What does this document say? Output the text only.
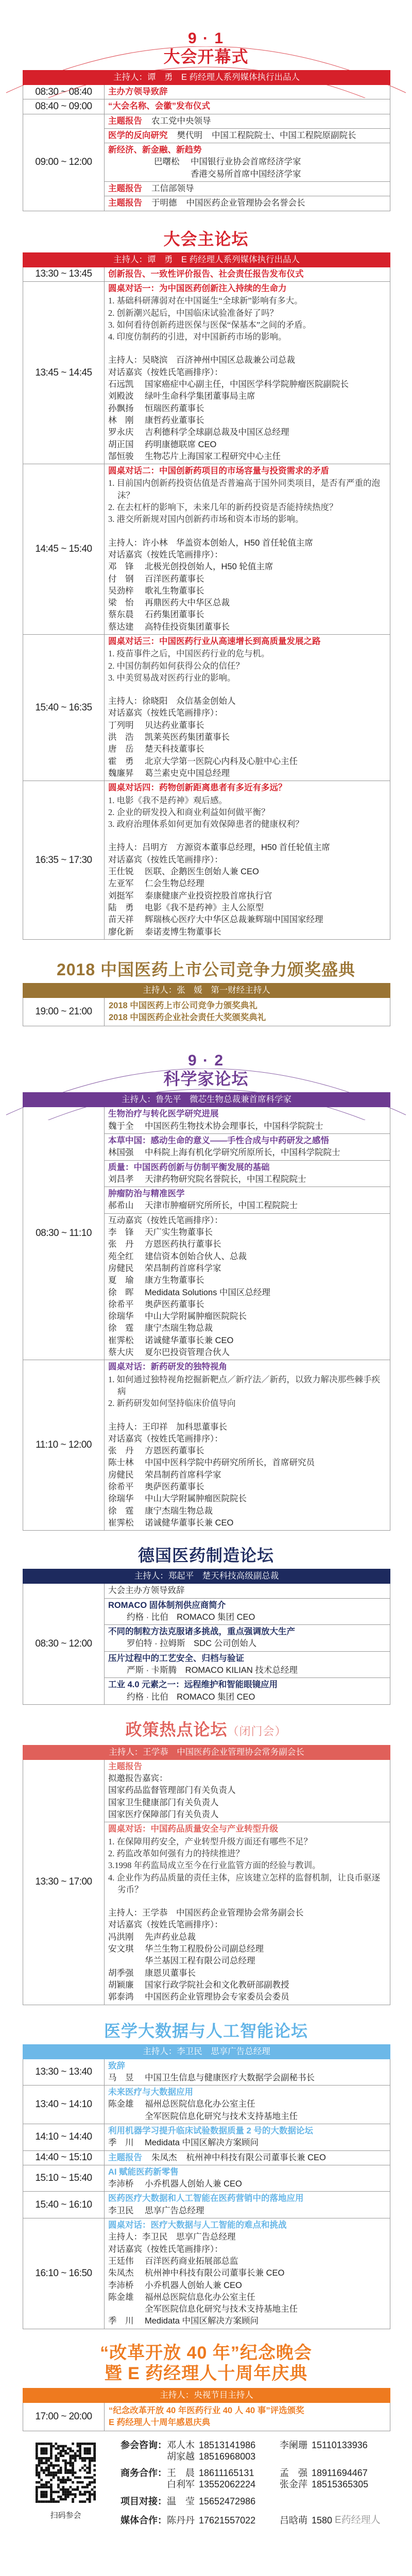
9 · 1
大会开幕式
主持人：谭　勇　E 药经理人系列媒体执行出品人
08:30 ~ 08:40	主办方领导致辞
08:40 ~ 09:00	“大会名称、会徽”发布仪式
09:00 ~ 12:00
主题报告 农工党中央领导
医学的反向研究 樊代明 中国工程院院士、中国工程院原副院长
新经济、新金融、新趋势
巴曙松	中国银行业协会首席经济学家
香港交易所首席中国经济学家
主题报告 工信部领导
主题报告 于明德 中国医药企业管理协会名誉会长
大会主论坛
主持人：谭　勇　E 药经理人系列媒体执行出品人
13:30 ~ 13:45	创新报告、一致性评价报告、社会责任报告发布仪式
13:45 ~ 14:45
圆桌对话一：为中国医药创新注入持续的生命力
1. 基础科研薄弱对在中国诞生“全球新”影响有多大。
2. 创新潮兴起后，中国临床试验准备好了吗？
3. 如何看待创新药进医保与医保“保基本”之间的矛盾。
4. 印度仿制药的引进，对中国新药市场的影响。
主持人：吴晓滨　百济神州中国区总裁兼公司总裁
对话嘉宾（按姓氏笔画排序）：
石远凯	国家癌症中心副主任，中国医学科学院肿瘤医院副院长
刘殿波	绿叶生命科学集团董事局主席
孙飘扬	恒瑞医药董事长
林　刚	康哲药业董事长
罗永庆	吉利德科学全球副总裁及中国区总经理
胡正国	药明康德联席 CEO
郜恒骏	生物芯片上海国家工程研究中心主任
14:45 ~ 15:40
圆桌对话二：中国创新药项目的市场容量与投资需求的矛盾
1. 目前国内创新药投资估值是否普遍高于国外同类项目，是否有严重的泡沫？
2. 在去杠杆的影响下，未来几年的新药投资是否能持续热度？
3. 港交所新规对国内创新药市场和资本市场的影响。
主持人：许小林　华盖资本创始人，H50 首任轮值主席
对话嘉宾（按姓氏笔画排序）：
邓　锋	北极光创投创始人，H50 轮值主席
付　钢	百洋医药董事长
吴劲梓	歌礼生物董事长
梁　怡	再鼎医药大中华区总裁
蔡东晨	石药集团董事长
蔡达建	高特佳投资集团董事长
15:40 ~ 16:35
圆桌对话三：中国医药行业从高速增长到高质量发展之路
1. 疫苗事件之后，中国医药行业的危与机。
2. 中国仿制药如何获得公众的信任？
3. 中美贸易战对医药行业的影响。
主持人：徐晓阳　众信基金创始人
对话嘉宾（按姓氏笔画排序）：
丁列明	贝达药业董事长
洪　浩	凯莱英医药集团董事长
唐　岳	楚天科技董事长
霍　勇	北京大学第一医院心内科及心脏中心主任
魏廉昇	葛兰素史克中国总经理
16:35 ~ 17:30
圆桌对话四：药物创新距离患者有多近有多远？
1. 电影《我不是药神》观后感。
2. 企业的研发投入和商业利益如何做平衡？
3. 政府治理体系如何更加有效保障患者的健康权利？
主持人：吕明方　方源资本董事总经理，H50 首任轮值主席
对话嘉宾（按姓氏笔画排序）：
王仕锐	医联、企鹅医生创始人兼 CEO
左亚军	仁会生物总经理
刘挺军	泰康健康产业投资控股首席执行官
陆　勇	电影《我不是药神》主人公原型
苗天祥	辉瑞核心医疗大中华区总裁兼辉瑞中国国家经理
廖化新	泰诺麦博生物董事长
2018 中国医药上市公司竞争力颁奖盛典
主持人：张　媛　第一财经主持人
19:00 ~ 21:00
2018 中国医药上市公司竞争力颁奖典礼
2018 中国医药企业社会责任大奖颁奖典礼
9 · 2
科学家论坛
主持人：鲁先平　微芯生物总裁兼首席科学家
08:30 ~ 11:10
生物治疗与转化医学研究进展
魏于全	中国医药生物技术协会理事长，中国科学院院士
本草中国：感动生命的意义——手性合成与中药研发之感悟
林国强	中科院上海有机化学研究所原所长，中国科学院院士
质量：中国医药创新与仿制平衡发展的基础
刘昌孝	天津药物研究院名誉院长，中国工程院院士
肿瘤防治与精准医学
郝希山	天津市肿瘤研究所所长，中国工程院院士
互动嘉宾（按姓氏笔画排序）：
李　锋	天广实生物董事长
张　丹	方恩医药执行董事长
苑全红	建信资本创始合伙人、总裁
房健民	荣昌制药首席科学家
夏　瑜	康方生物董事长
徐　晖	Medidata Solutions 中国区总经理
徐希平	奥萨医药董事长
徐瑞华	中山大学附属肿瘤医院院长
徐　霆	康宁杰瑞生物总裁
崔霁松	诺诚健华董事长兼 CEO
蔡大庆	夏尔巴投资管理合伙人
11:10 ~ 12:00
圆桌对话：新药研发的独特视角
1. 如何通过独特视角挖掘新靶点／新疗法／新药，以致力解决那些棘手疾病
2. 新药研发如何坚持临床价值导向
主持人：王印祥　加科思董事长
对话嘉宾（按姓氏笔画排序）：
张　丹	方恩医药董事长
陈士林	中国中医科学院中药研究所所长，首席研究员
房健民	荣昌制药首席科学家
徐希平	奥萨医药董事长
徐瑞华	中山大学附属肿瘤医院院长
徐　霆	康宁杰瑞生物总裁
崔霁松	诺诚健华董事长兼 CEO
德国医药制造论坛
主持人：郑起平　楚天科技高级副总裁
08:30 ~ 12:00
大会主办方领导致辞
ROMACO 固体制剂供应商简介
约格 · 比伯　ROMACO 集团 CEO
不同的制粒方法克服诸多挑战，重点强调放大生产
罗伯特 · 拉姆斯　SDC 公司创始人
压片过程中的工艺安全、归档与验证
严斯 · 卡斯腾　ROMACO KILIAN 技术总经理
工业 4.0 元素之一：远程维护和智能眼镜应用
约格 · 比伯　ROMACO 集团 CEO
政策热点论坛（闭门会）
主持人：王学恭　中国医药企业管理协会常务副会长
13:30 ~ 17:00
主题报告
拟邀报告嘉宾：
国家药品监督管理部门有关负责人
国家卫生健康部门有关负责人
国家医疗保障部门有关负责人
圆桌对话：中国药品质量安全与产业转型升级
1. 在保障用药安全，产业转型升级方面还有哪些不足？
2. 药监改革如何强有力的持续推进？
3.1998 年药监局成立至今在行业监管方面的经验与教训。
4. 企业作为药品质量的责任主体，应该建立怎样的监督机制，让良币驱逐劣币？
主持人：王学恭　中国医药企业管理协会常务副会长
对话嘉宾（按姓氏笔画排序）：
冯洪刚	先声药业总裁
安文琪	华兰生物工程股份公司副总经理
华兰基因工程有限公司总经理
胡季强	康恩贝董事长
胡颖廉	国家行政学院社会和文化教研部副教授
郭泰鸿	中国医药企业管理协会专家委员会委员
医学大数据与人工智能论坛
主持人：李卫民　思享广告总经理
13:30 ~ 13:40
致辞
马　昱	中国卫生信息与健康医疗大数据学会副秘书长
13:40 ~ 14:10
未来医疗与大数据应用
陈金雄	福州总医院信息化办公室主任
全军医院信息化研究与技术支持基地主任
14:10 ~ 14:40
利用机器学习提升临床试验数据质量 2 号的大数据论坛
季　川	Medidata 中国区解决方案顾问
14:40 ~ 15:10	主题报告 朱凤杰 杭州神中科技有限公司董事长兼 CEO
15:10 ~ 15:40
AI 赋能医药新零售
李沛桥	小乔机器人创始人兼 CEO
15:40 ~ 16:10
医药医疗大数据和人工智能在医药营销中的落地应用
李卫民	思享广告总经理
16:10 ~ 16:50
圆桌对话：医疗大数据与人工智能的难点和挑战
主持人：李卫民　思享广告总经理
对话嘉宾（按姓氏笔画排序）：
王廷伟	百洋医药商业拓展部总监
朱凤杰	杭州神中科技有限公司董事长兼 CEO
李沛桥	小乔机器人创始人兼 CEO
陈金雄	福州总医院信息化办公室主任
全军医院信息化研究与技术支持基地主任
季　川	Medidata 中国区解决方案顾问
“改革开放 40 年”纪念晚会
暨 E 药经理人十周年庆典
主持人：央视节目主持人
17:00 ~ 20:00
“纪念改革开放 40 年医药行业 40 人 40 事”评选颁奖
E 药经理人十周年感恩庆典
扫码参会
参会咨询： 邓人木 18513141986	李阑珊 15110133936
胡家越 18516968003
商务合作： 王　晨 18611165131	孟　强 18911694467
白利军 13552062224	张金萍 18515365305
项目对接： 温　莹 15652472986
媒体合作： 陈丹丹 17621557022	吕晗萌 1580 E药经理人
